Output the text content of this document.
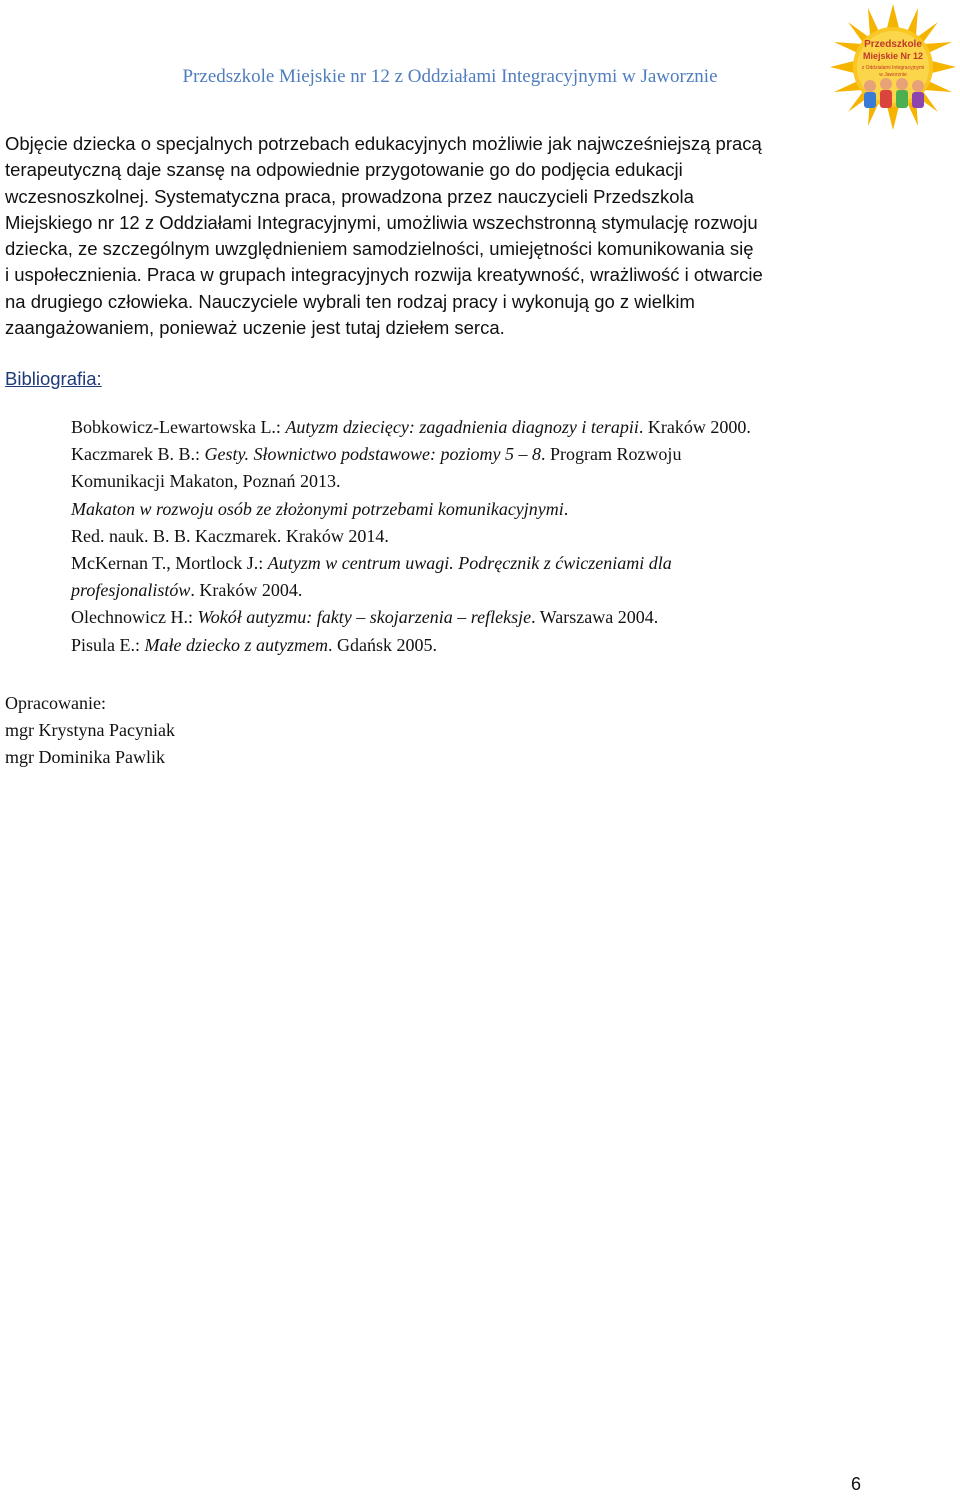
Przedszkole Miejskie nr 12 z Oddziałami Integracyjnymi w Jaworznie
Przedszkole
Miejskie Nr 12
z Oddziałami Integracyjnymi
w Jaworznie
Objęcie dziecka o specjalnych potrzebach edukacyjnych możliwie jak najwcześniejszą pracą
terapeutyczną daje szansę na odpowiednie przygotowanie go do podjęcia edukacji
wczesnoszkolnej. Systematyczna praca, prowadzona przez nauczycieli Przedszkola
Miejskiego nr 12 z Oddziałami Integracyjnymi, umożliwia wszechstronną stymulację rozwoju
dziecka, ze szczególnym uwzględnieniem samodzielności, umiejętności komunikowania się
i uspołecznienia. Praca w grupach integracyjnych rozwija kreatywność, wrażliwość i otwarcie
na drugiego człowieka. Nauczyciele wybrali ten rodzaj pracy i wykonują go z wielkim
zaangażowaniem, ponieważ uczenie jest tutaj dziełem serca.
Bibliografia:
Bobkowicz-Lewartowska L.: Autyzm dziecięcy: zagadnienia diagnozy i terapii. Kraków 2000.
Kaczmarek B. B.: Gesty. Słownictwo podstawowe: poziomy 5 – 8. Program Rozwoju
Komunikacji Makaton, Poznań 2013.
Makaton w rozwoju osób ze złożonymi potrzebami komunikacyjnymi.
Red. nauk. B. B. Kaczmarek. Kraków 2014.
McKernan T., Mortlock J.: Autyzm w centrum uwagi. Podręcznik z ćwiczeniami dla
profesjonalistów. Kraków 2004.
Olechnowicz H.: Wokół autyzmu: fakty – skojarzenia – refleksje. Warszawa 2004.
Pisula E.: Małe dziecko z autyzmem. Gdańsk 2005.
Opracowanie:
mgr Krystyna Pacyniak
mgr Dominika Pawlik
6
